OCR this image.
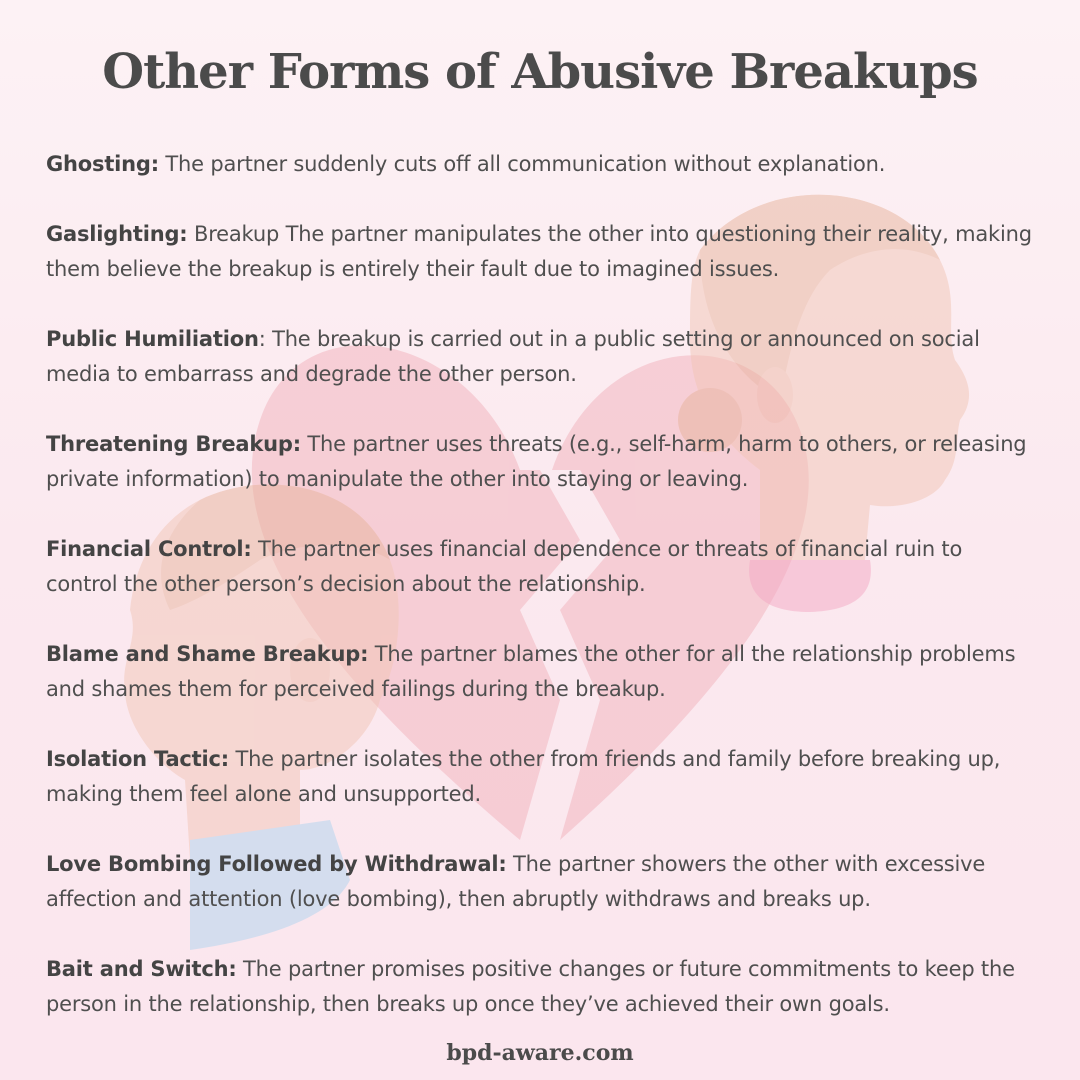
Other Forms of Abusive Breakups

Ghosting: The partner suddenly cuts off all communication without explanation.

Gaslighting: Breakup The partner manipulates the other into questioning their reality, making them believe the breakup is entirely their fault due to imagined issues.

Public Humiliation: The breakup is carried out in a public setting or announced on social media to embarrass and degrade the other person.

Threatening Breakup: The partner uses threats (e.g., self-harm, harm to others, or releasing private information) to manipulate the other into staying or leaving.

Financial Control: The partner uses financial dependence or threats of financial ruin to control the other person’s decision about the relationship.

Blame and Shame Breakup: The partner blames the other for all the relationship problems and shames them for perceived failings during the breakup.

Isolation Tactic: The partner isolates the other from friends and family before breaking up, making them feel alone and unsupported.

Love Bombing Followed by Withdrawal: The partner showers the other with excessive affection and attention (love bombing), then abruptly withdraws and breaks up.

Bait and Switch: The partner promises positive changes or future commitments to keep the person in the relationship, then breaks up once they’ve achieved their own goals.

bpd-aware.com
